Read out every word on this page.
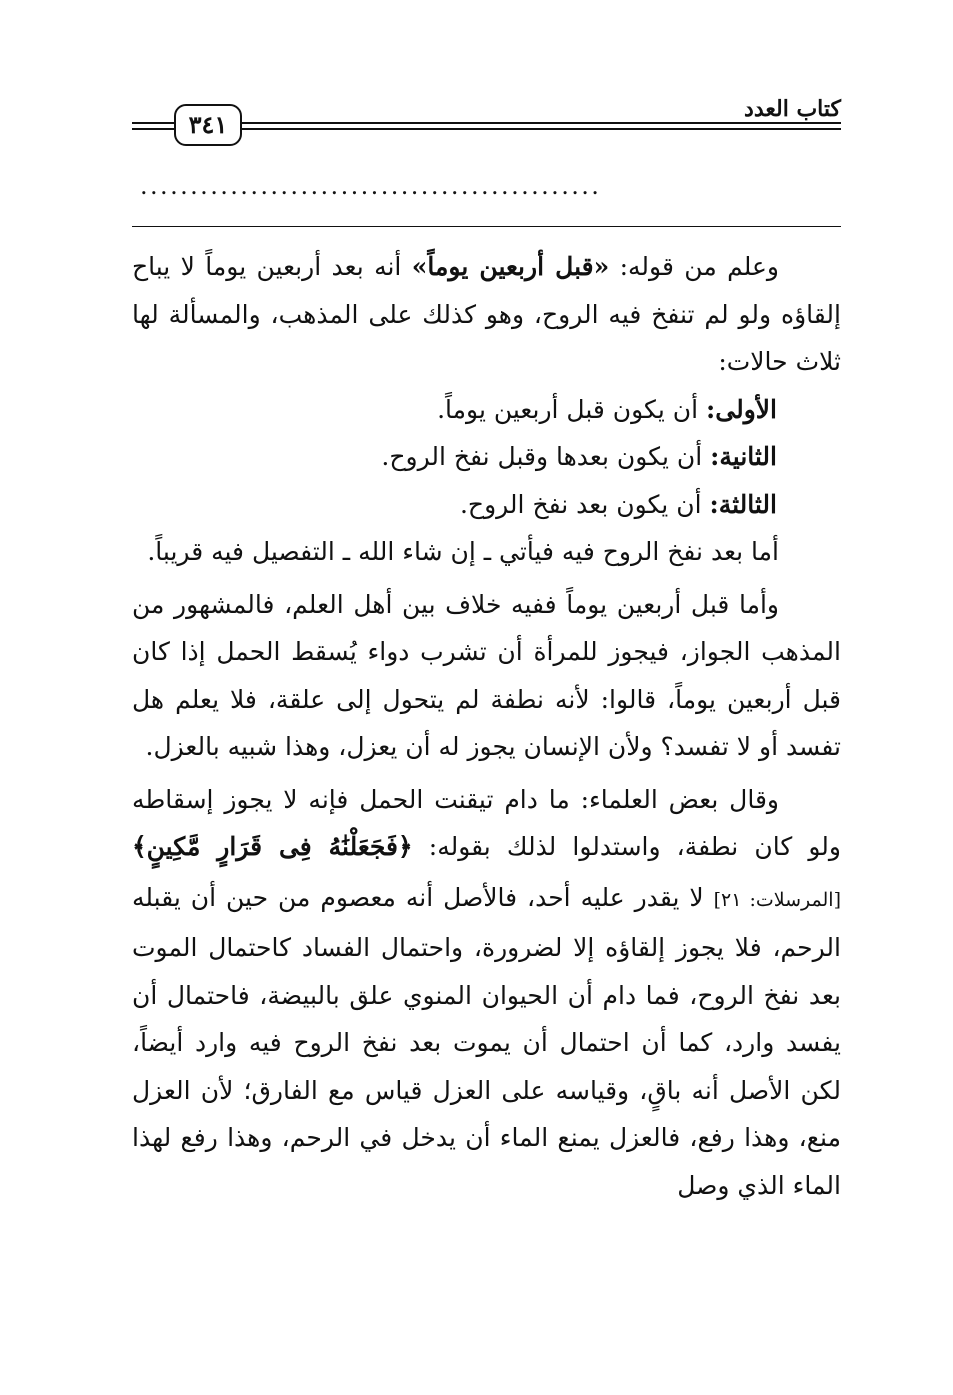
٣٤١
كتاب العدد
..............................................

وعلم من قوله: «قبل أربعين يوماً» أنه بعد أربعين يوماً لا يباح إلقاؤه ولو لم تنفخ فيه الروح، وهو كذلك على المذهب، والمسألة لها ثلاث حالات:

الأولى: أن يكون قبل أربعين يوماً.

الثانية: أن يكون بعدها وقبل نفخ الروح.

الثالثة: أن يكون بعد نفخ الروح.

أما بعد نفخ الروح فيه فيأتي ـ إن شاء الله ـ التفصيل فيه قريباً.

وأما قبل أربعين يوماً ففيه خلاف بين أهل العلم، فالمشهور من المذهب الجواز، فيجوز للمرأة أن تشرب دواء يُسقط الحمل إذا كان قبل أربعين يوماً، قالوا: لأنه نطفة لم يتحول إلى علقة، فلا يعلم هل تفسد أو لا تفسد؟ ولأن الإنسان يجوز له أن يعزل، وهذا شبيه بالعزل.

وقال بعض العلماء: ما دام تيقنت الحمل فإنه لا يجوز إسقاطه ولو كان نطفة، واستدلوا لذلك بقوله: ﴿فَجَعَلْنَٰهُ فِى قَرَارٍ مَّكِينٍ﴾ [المرسلات: ٢١] لا يقدر عليه أحد، فالأصل أنه معصوم من حين أن يقبله الرحم، فلا يجوز إلقاؤه إلا لضرورة، واحتمال الفساد كاحتمال الموت بعد نفخ الروح، فما دام أن الحيوان المنوي علق بالبيضة، فاحتمال أن يفسد وارد، كما أن احتمال أن يموت بعد نفخ الروح فيه وارد أيضاً، لكن الأصل أنه باقٍ، وقياسه على العزل قياس مع الفارق؛ لأن العزل منع، وهذا رفع، فالعزل يمنع الماء أن يدخل في الرحم، وهذا رفع لهذا الماء الذي وصل
